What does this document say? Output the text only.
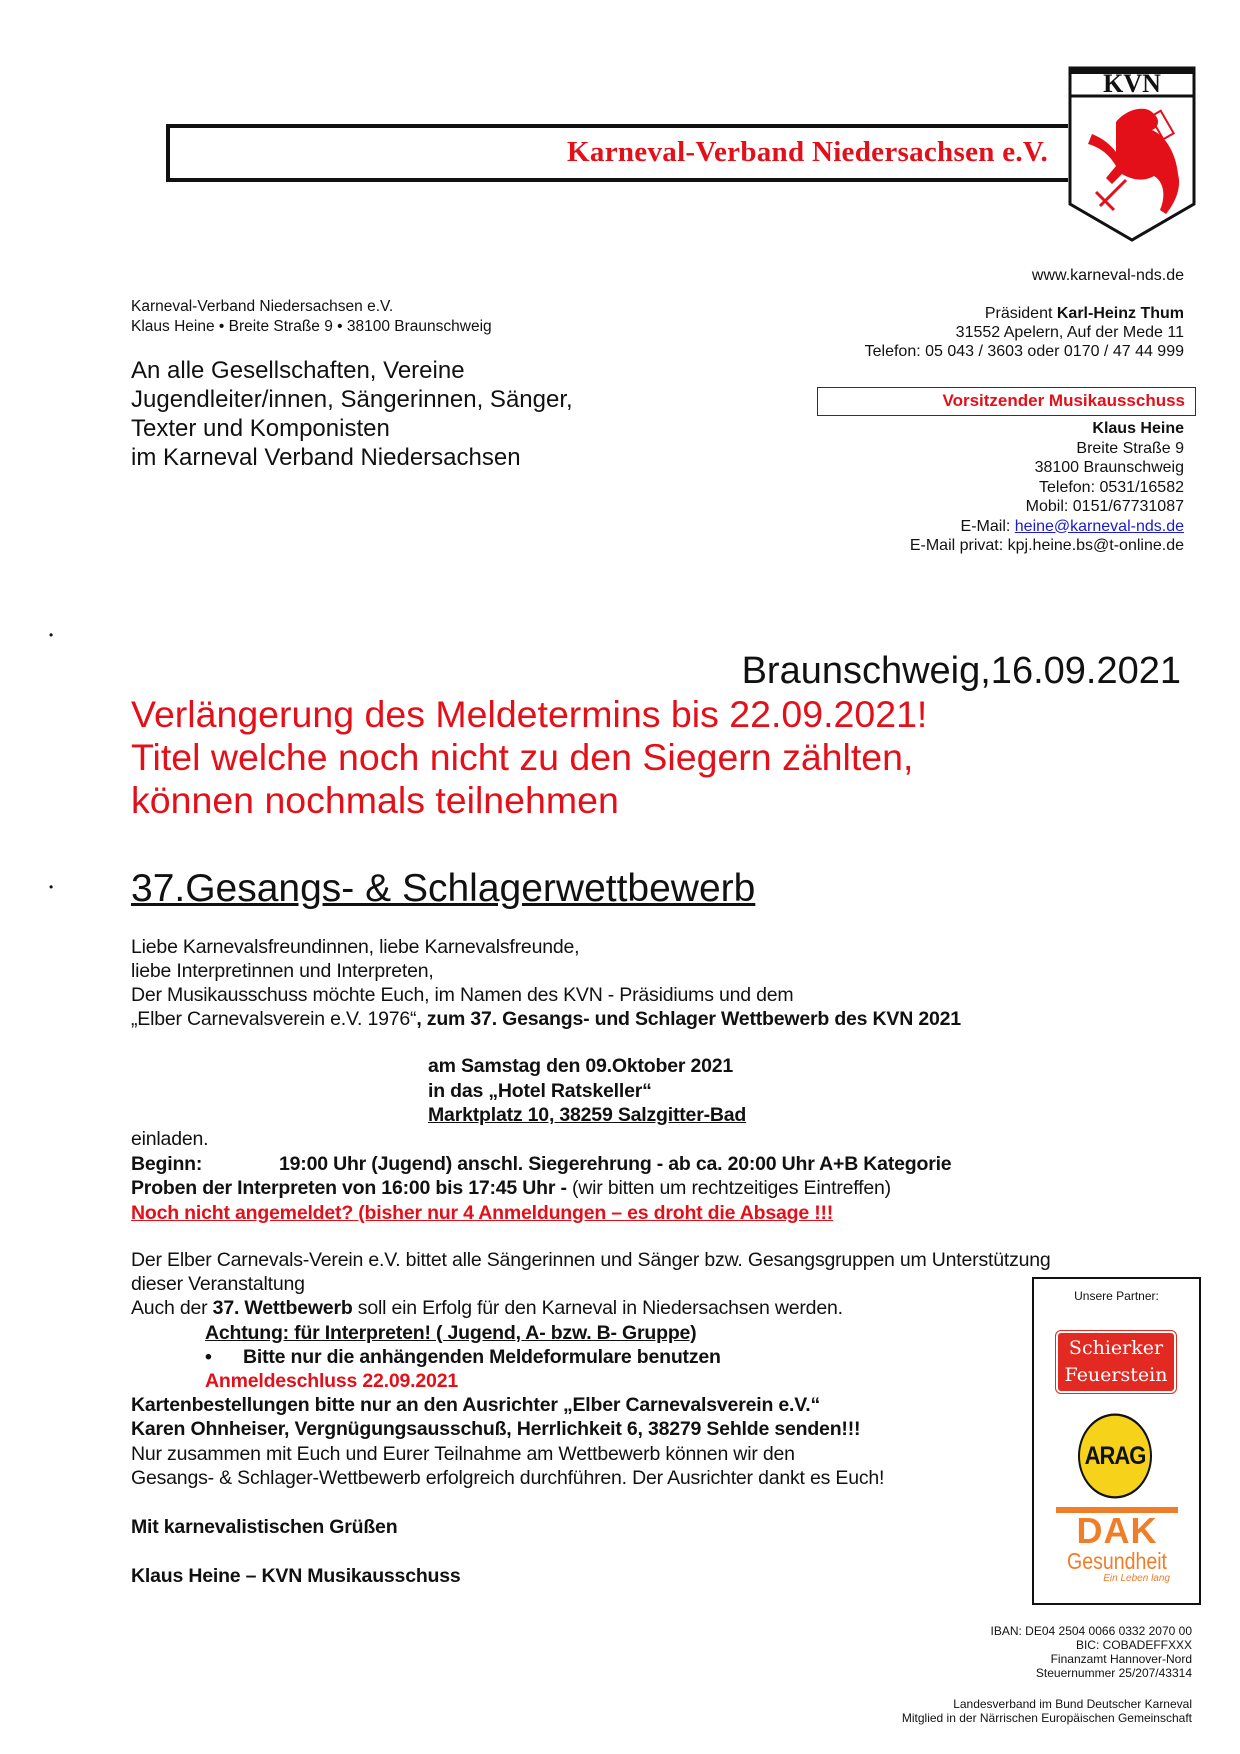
Karneval-Verband Niedersachsen e.V.
KVN
www.karneval-nds.de
Karneval-Verband Niedersachsen e.V.
Klaus Heine • Breite Straße 9 • 38100 Braunschweig
An alle Gesellschaften, Vereine
Jugendleiter/innen, Sängerinnen, Sänger,
Texter und Komponisten
im Karneval Verband Niedersachsen
Präsident Karl-Heinz Thum
31552 Apelern, Auf der Mede 11
Telefon: 05 043 / 3603 oder 0170 / 47 44 999
Vorsitzender Musikausschuss
Klaus Heine
Breite Straße 9
38100 Braunschweig
Telefon: 0531/16582
Mobil: 0151/67731087
E-Mail: heine@karneval-nds.de
E-Mail privat: kpj.heine.bs@t-online.de
•
•
Braunschweig,16.09.2021
Verlängerung des Meldetermins bis 22.09.2021!
Titel welche noch nicht zu den Siegern zählten,
können nochmals teilnehmen
37.Gesangs- & Schlagerwettbewerb
Liebe Karnevalsfreundinnen, liebe Karnevalsfreunde,
liebe Interpretinnen und Interpreten,
Der Musikausschuss möchte Euch, im Namen des KVN - Präsidiums und dem
„Elber Carnevalsverein e.V. 1976“, zum 37. Gesangs- und Schlager Wettbewerb des KVN 2021
am Samstag den 09.Oktober 2021
in das „Hotel Ratskeller“
Marktplatz 10, 38259 Salzgitter-Bad
einladen.
Beginn:	19:00 Uhr (Jugend) anschl. Siegerehrung - ab ca. 20:00 Uhr A+B Kategorie
Proben der Interpreten von 16:00 bis 17:45 Uhr - (wir bitten um rechtzeitiges Eintreffen)
Noch nicht angemeldet? (bisher nur 4 Anmeldungen – es droht die Absage !!!
Der Elber Carnevals-Verein e.V. bittet alle Sängerinnen und Sänger bzw. Gesangsgruppen um Unterstützung
dieser Veranstaltung
Auch der 37. Wettbewerb soll ein Erfolg für den Karneval in Niedersachsen werden.
Achtung: für Interpreten! ( Jugend, A- bzw. B- Gruppe)
• Bitte nur die anhängenden Meldeformulare benutzen
Anmeldeschluss 22.09.2021
Kartenbestellungen bitte nur an den Ausrichter „Elber Carnevalsverein e.V.“
Karen Ohnheiser, Vergnügungsausschuß, Herrlichkeit 6, 38279 Sehlde senden!!!
Nur zusammen mit Euch und Eurer Teilnahme am Wettbewerb können wir den
Gesangs- & Schlager-Wettbewerb erfolgreich durchführen. Der Ausrichter dankt es Euch!
Mit karnevalistischen Grüßen
Klaus Heine – KVN Musikausschuss
Unsere Partner:
Schierker
Feuerstein
ARAG
DAK
Gesundheit
Ein Leben lang
IBAN: DE04 2504 0066 0332 2070 00
BIC: COBADEFFXXX
Finanzamt Hannover-Nord
Steuernummer 25/207/43314
Landesverband im Bund Deutscher Karneval
Mitglied in der Närrischen Europäischen Gemeinschaft
